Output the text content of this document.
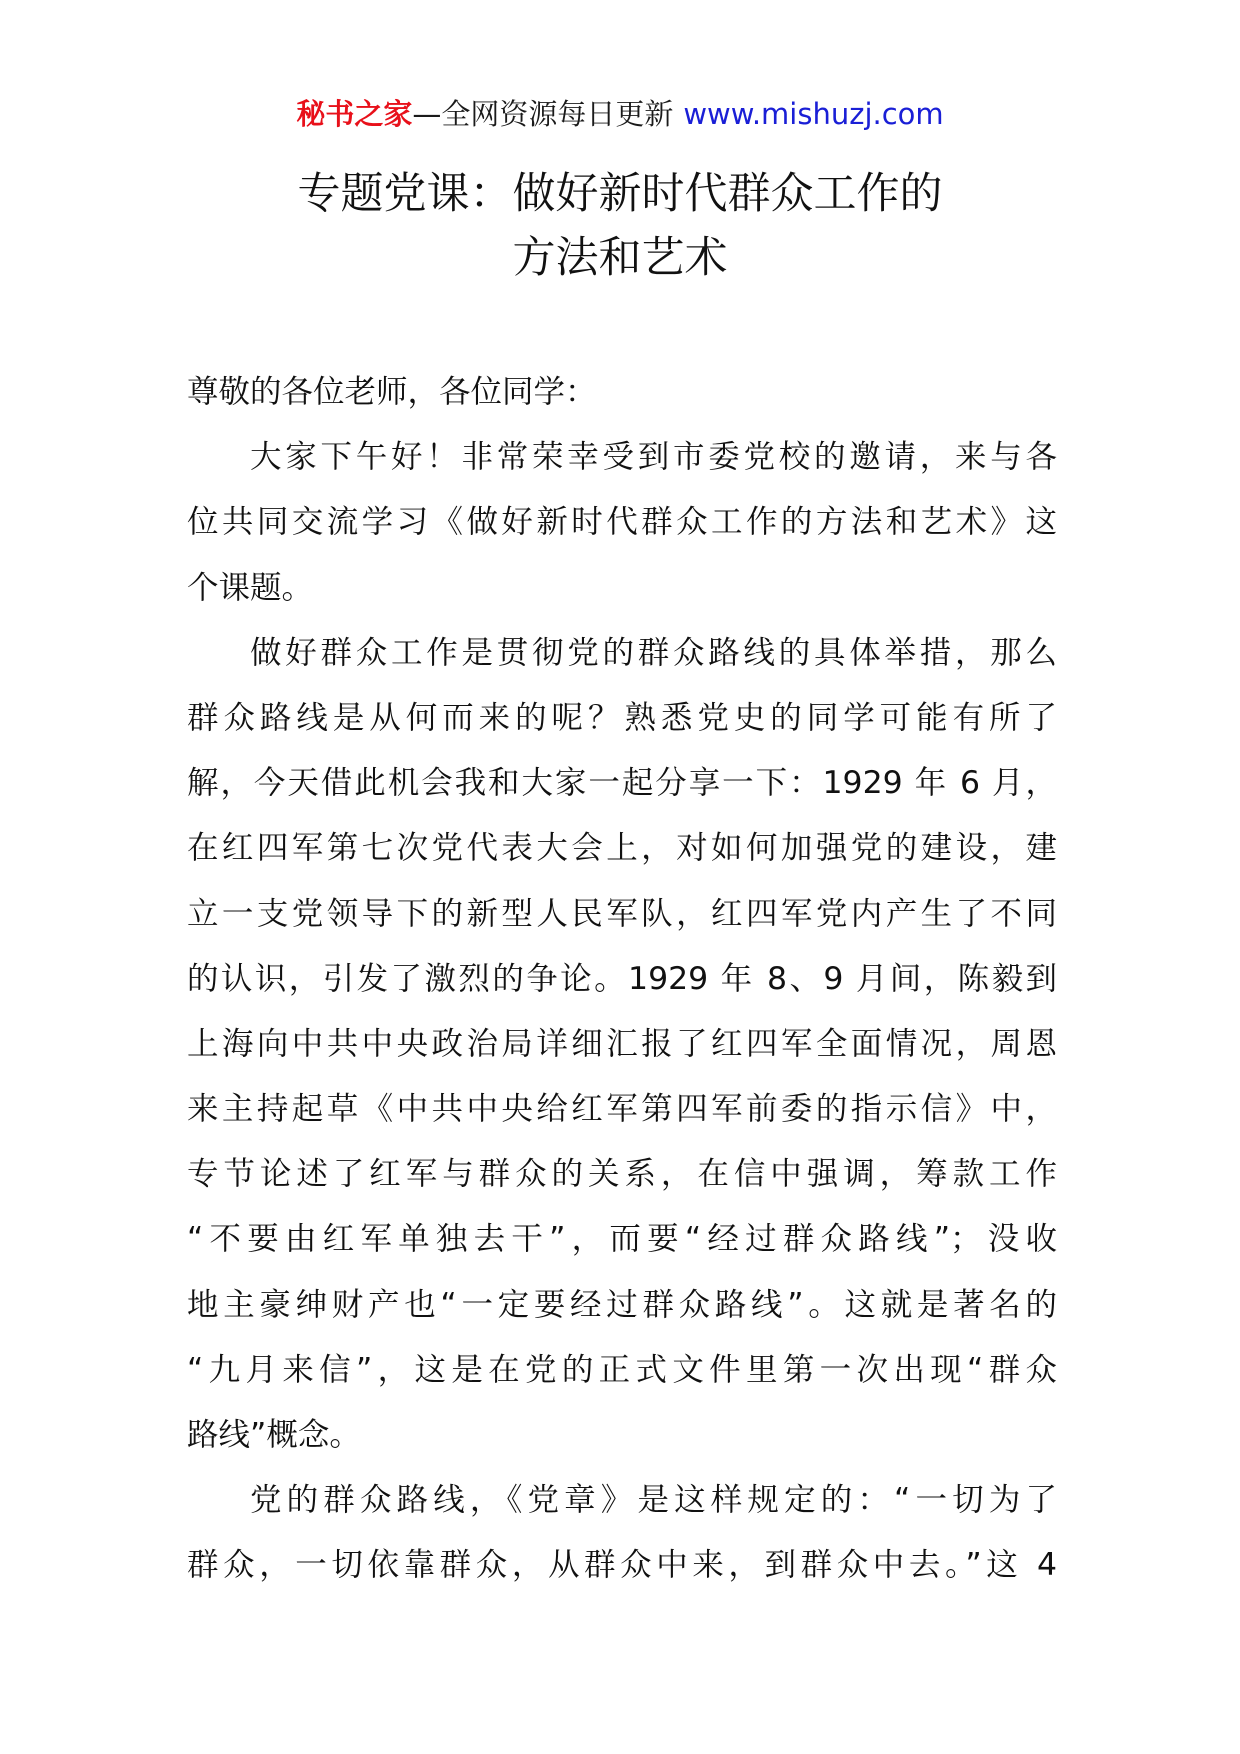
秘书之家—全网资源每日更新 www.mishuzj.com
专题党课：做好新时代群众工作的
方法和艺术
尊敬的各位老师，各位同学：
大家下午好！非常荣幸受到市委党校的邀请，来与各
位共同交流学习《做好新时代群众工作的方法和艺术》这
个课题。
做好群众工作是贯彻党的群众路线的具体举措，那么
群众路线是从何而来的呢？熟悉党史的同学可能有所了
解，今天借此机会我和大家一起分享一下：1929 年 6 月，
在红四军第七次党代表大会上，对如何加强党的建设，建
立一支党领导下的新型人民军队，红四军党内产生了不同
的认识，引发了激烈的争论。1929 年 8、9 月间，陈毅到
上海向中共中央政治局详细汇报了红四军全面情况，周恩
来主持起草《中共中央给红军第四军前委的指示信》中，
专节论述了红军与群众的关系，在信中强调，筹款工作
“不要由红军单独去干”，而要“经过群众路线”；没收
地主豪绅财产也“一定要经过群众路线”。这就是著名的
“九月来信”，这是在党的正式文件里第一次出现“群众
路线”概念。
党的群众路线，《党章》是这样规定的：“一切为了
群众，一切依靠群众，从群众中来，到群众中去。”这 4
